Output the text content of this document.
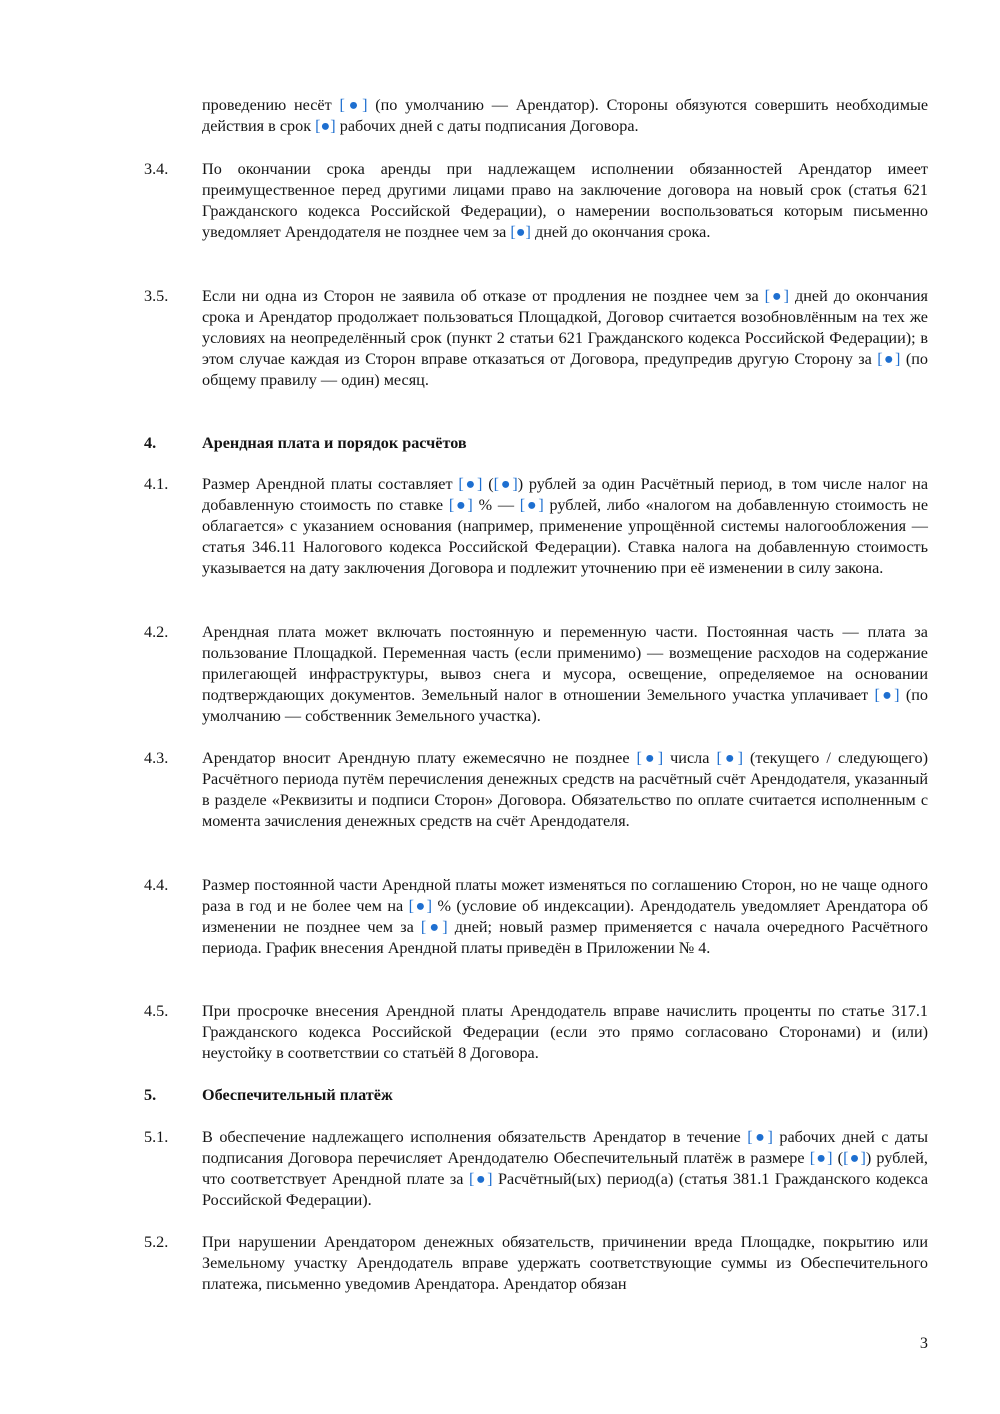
проведению несёт [●] (по умолчанию — Арендатор). Стороны обязуются совершить необходимые действия в срок [●] рабочих дней с даты подписания Договора.
3.4.	По окончании срока аренды при надлежащем исполнении обязанностей Арендатор имеет преимущественное перед другими лицами право на заключение договора на новый срок (статья 621 Гражданского кодекса Российской Федерации), о намерении воспользоваться которым письменно уведомляет Арендодателя не позднее чем за [●] дней до окончания срока.
3.5.	Если ни одна из Сторон не заявила об отказе от продления не позднее чем за [●] дней до окончания срока и Арендатор продолжает пользоваться Площадкой, Договор считается возобновлённым на тех же условиях на неопределённый срок (пункт 2 статьи 621 Гражданского кодекса Российской Федерации); в этом случае каждая из Сторон вправе отказаться от Договора, предупредив другую Сторону за [●] (по общему правилу — один) месяц.
4.	Арендная плата и порядок расчётов
4.1.	Размер Арендной платы составляет [●] ([●]) рублей за один Расчётный период, в том числе налог на добавленную стоимость по ставке [●] % — [●] рублей, либо «налогом на добавленную стоимость не облагается» с указанием основания (например, применение упрощённой системы налогообложения — статья 346.11 Налогового кодекса Российской Федерации). Ставка налога на добавленную стоимость указывается на дату заключения Договора и подлежит уточнению при её изменении в силу закона.
4.2.	Арендная плата может включать постоянную и переменную части. Постоянная часть — плата за пользование Площадкой. Переменная часть (если применимо) — возмещение расходов на содержание прилегающей инфраструктуры, вывоз снега и мусора, освещение, определяемое на основании подтверждающих документов. Земельный налог в отношении Земельного участка уплачивает [●] (по умолчанию — собственник Земельного участка).
4.3.	Арендатор вносит Арендную плату ежемесячно не позднее [●] числа [●] (текущего / следующего) Расчётного периода путём перечисления денежных средств на расчётный счёт Арендодателя, указанный в разделе «Реквизиты и подписи Сторон» Договора. Обязательство по оплате считается исполненным с момента зачисления денежных средств на счёт Арендодателя.
4.4.	Размер постоянной части Арендной платы может изменяться по соглашению Сторон, но не чаще одного раза в год и не более чем на [●] % (условие об индексации). Арендодатель уведомляет Арендатора об изменении не позднее чем за [●] дней; новый размер применяется с начала очередного Расчётного периода. График внесения Арендной платы приведён в Приложении № 4.
4.5.	При просрочке внесения Арендной платы Арендодатель вправе начислить проценты по статье 317.1 Гражданского кодекса Российской Федерации (если это прямо согласовано Сторонами) и (или) неустойку в соответствии со статьёй 8 Договора.
5.	Обеспечительный платёж
5.1.	В обеспечение надлежащего исполнения обязательств Арендатор в течение [●] рабочих дней с даты подписания Договора перечисляет Арендодателю Обеспечительный платёж в размере [●] ([●]) рублей, что соответствует Арендной плате за [●] Расчётный(ых) период(а) (статья 381.1 Гражданского кодекса Российской Федерации).
5.2.	При нарушении Арендатором денежных обязательств, причинении вреда Площадке, покрытию или Земельному участку Арендодатель вправе удержать соответствующие суммы из Обеспечительного платежа, письменно уведомив Арендатора. Арендатор обязан
3
